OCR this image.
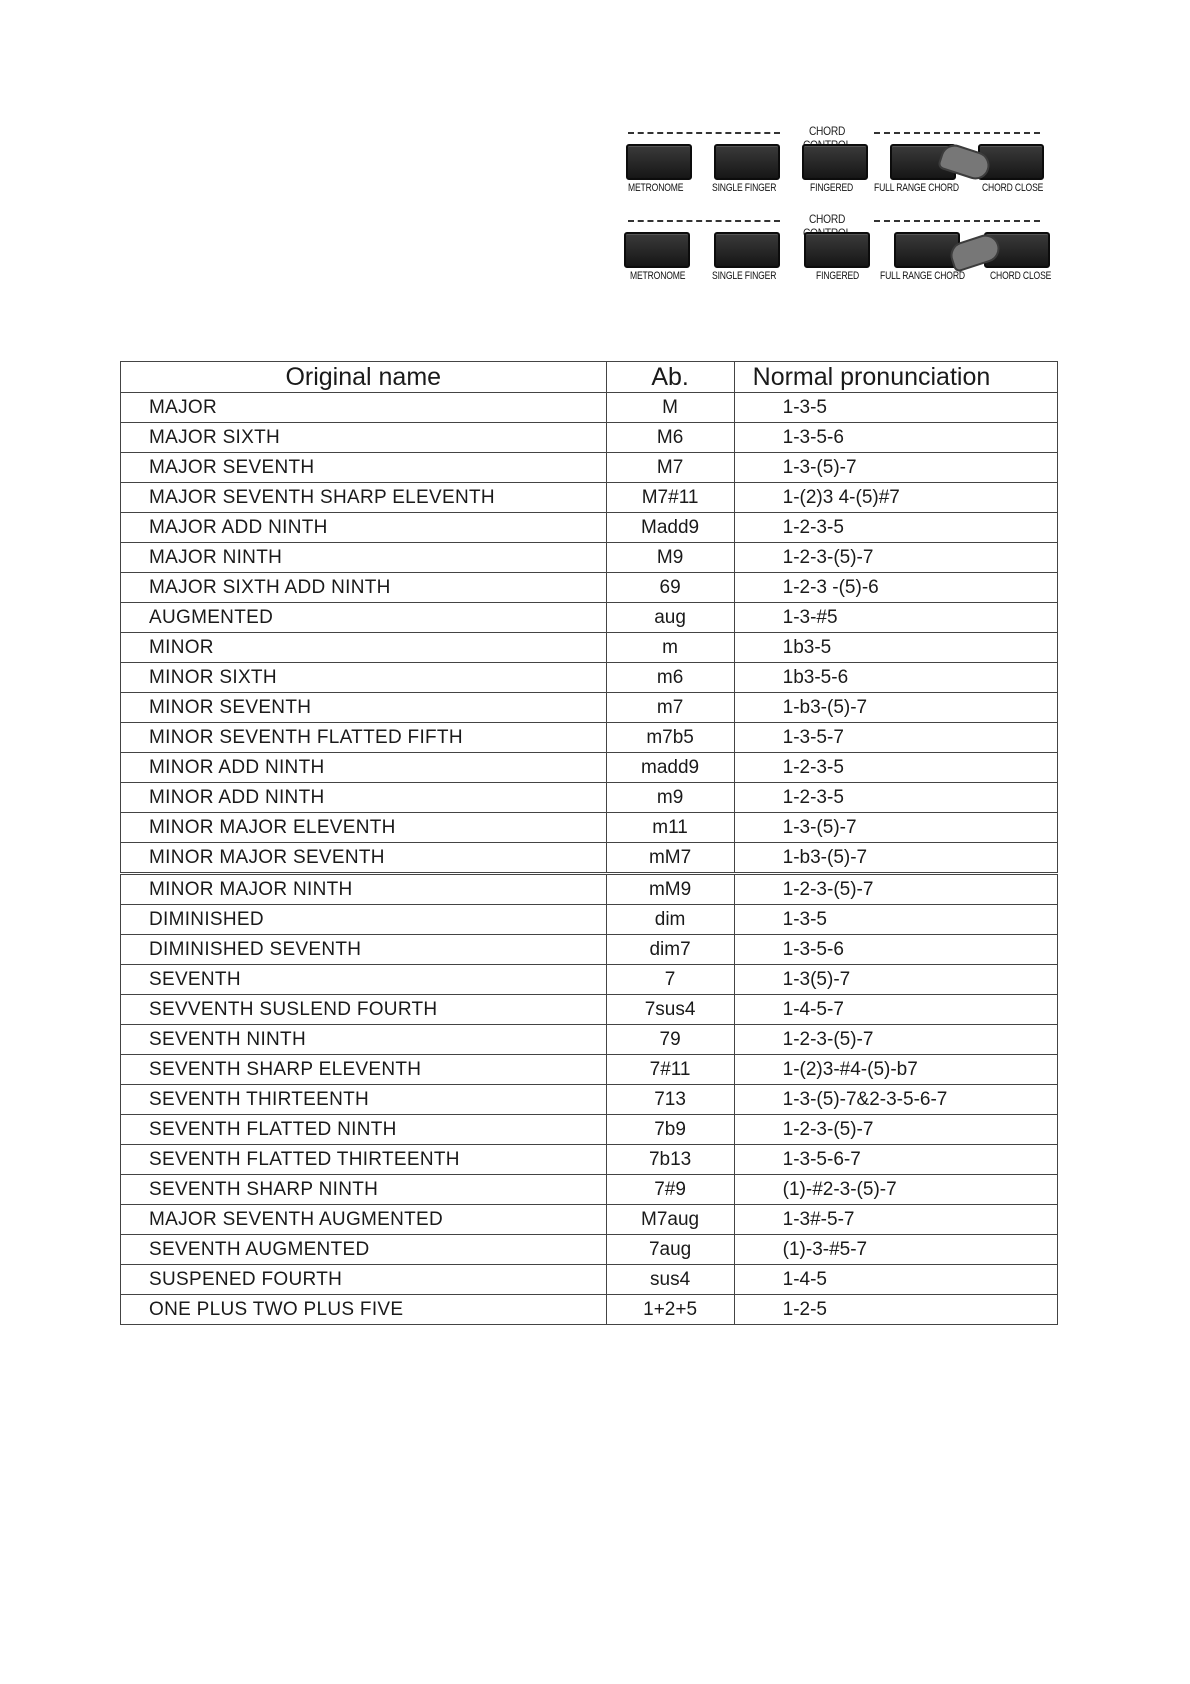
CHORD
METRONOME	SINGLE FINGER	FINGERED FULL RANGE CHORD CHORD CLOSE
CHORD
METRONOME SINGLE FINGER	FINGERED FULL RANGE CHORD CHORD CLOSE
Original name	Ab.	Normal pronunciation
MAJOR	M	1-3-5
MAJOR SIXTH	M6	1-3-5-6
MAJOR SEVENTH	M7	1-3-(5)-7
MAJOR SEVENTH SHARP ELEVENTH	M7#11	1-(2)3 4-(5)#7
MAJOR ADD NINTH	Madd9	1-2-3-5
MAJOR NINTH	M9	1-2-3-(5)-7
MAJOR SIXTH ADD NINTH	69	1-2-3 -(5)-6
AUGMENTED	aug	1-3-#5
MINOR	m	1b3-5
MINOR SIXTH	m6	1b3-5-6
MINOR SEVENTH	m7	1-b3-(5)-7
MINOR SEVENTH FLATTED FIFTH	m7b5	1-3-5-7
MINOR ADD NINTH	madd9	1-2-3-5
MINOR ADD NINTH	m9	1-2-3-5
MINOR MAJOR ELEVENTH	m11	1-3-(5)-7
MINOR MAJOR SEVENTH	mM7	1-b3-(5)-7
MINOR MAJOR NINTH	mM9	1-2-3-(5)-7
DIMINISHED	dim	1-3-5
DIMINISHED SEVENTH	dim7	1-3-5-6
SEVENTH	7	1-3(5)-7
SEVVENTH SUSLEND FOURTH	7sus4	1-4-5-7
SEVENTH NINTH	79	1-2-3-(5)-7
SEVENTH SHARP ELEVENTH	7#11	1-(2)3-#4-(5)-b7
SEVENTH THIRTEENTH	713	1-3-(5)-7&2-3-5-6-7
SEVENTH FLATTED NINTH	7b9	1-2-3-(5)-7
SEVENTH FLATTED THIRTEENTH	7b13	1-3-5-6-7
SEVENTH SHARP NINTH	7#9	(1)-#2-3-(5)-7
MAJOR SEVENTH AUGMENTED	M7aug	1-3#-5-7
SEVENTH AUGMENTED	7aug	(1)-3-#5-7
SUSPENED FOURTH	sus4	1-4-5
ONE PLUS TWO PLUS FIVE	1+2+5	1-2-5
